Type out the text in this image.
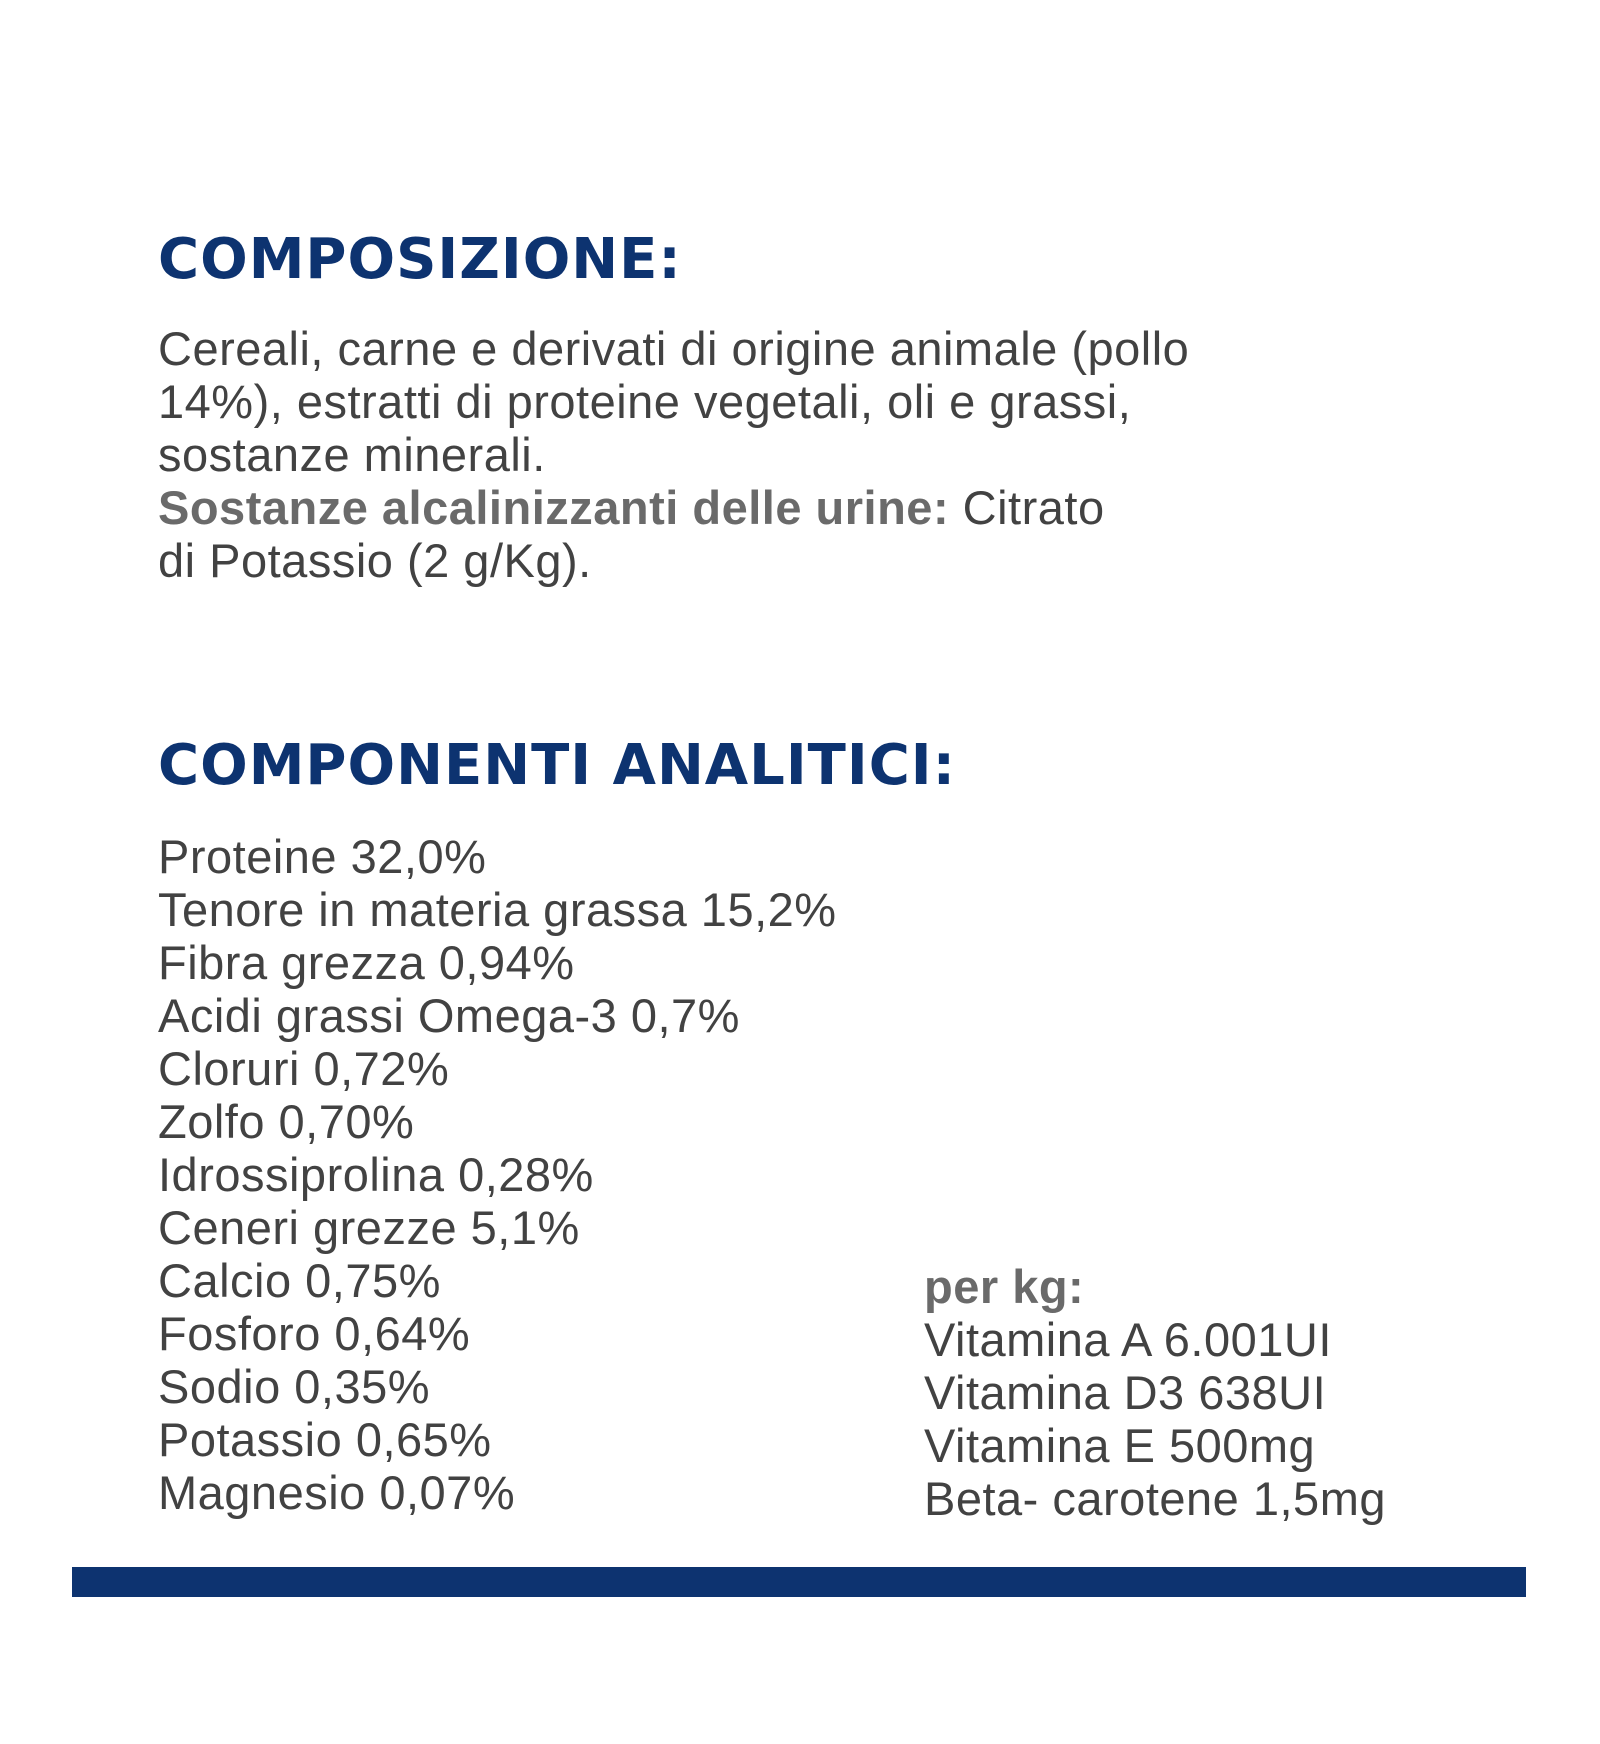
COMPOSIZIONE:
Cereali, carne e derivati di origine animale (pollo
14%), estratti di proteine vegetali, oli e grassi,
sostanze minerali.
Sostanze alcalinizzanti delle urine: Citrato
di Potassio (2 g/Kg).
COMPONENTI ANALITICI:
Proteine 32,0%
Tenore in materia grassa 15,2%
Fibra grezza 0,94%
Acidi grassi Omega-3 0,7%
Cloruri 0,72%
Zolfo 0,70%
Idrossiprolina 0,28%
Ceneri grezze 5,1%
Calcio 0,75%
Fosforo 0,64%
Sodio 0,35%
Potassio 0,65%
Magnesio 0,07%
per kg:
Vitamina A 6.001UI
Vitamina D3 638UI
Vitamina E 500mg
Beta- carotene 1,5mg
